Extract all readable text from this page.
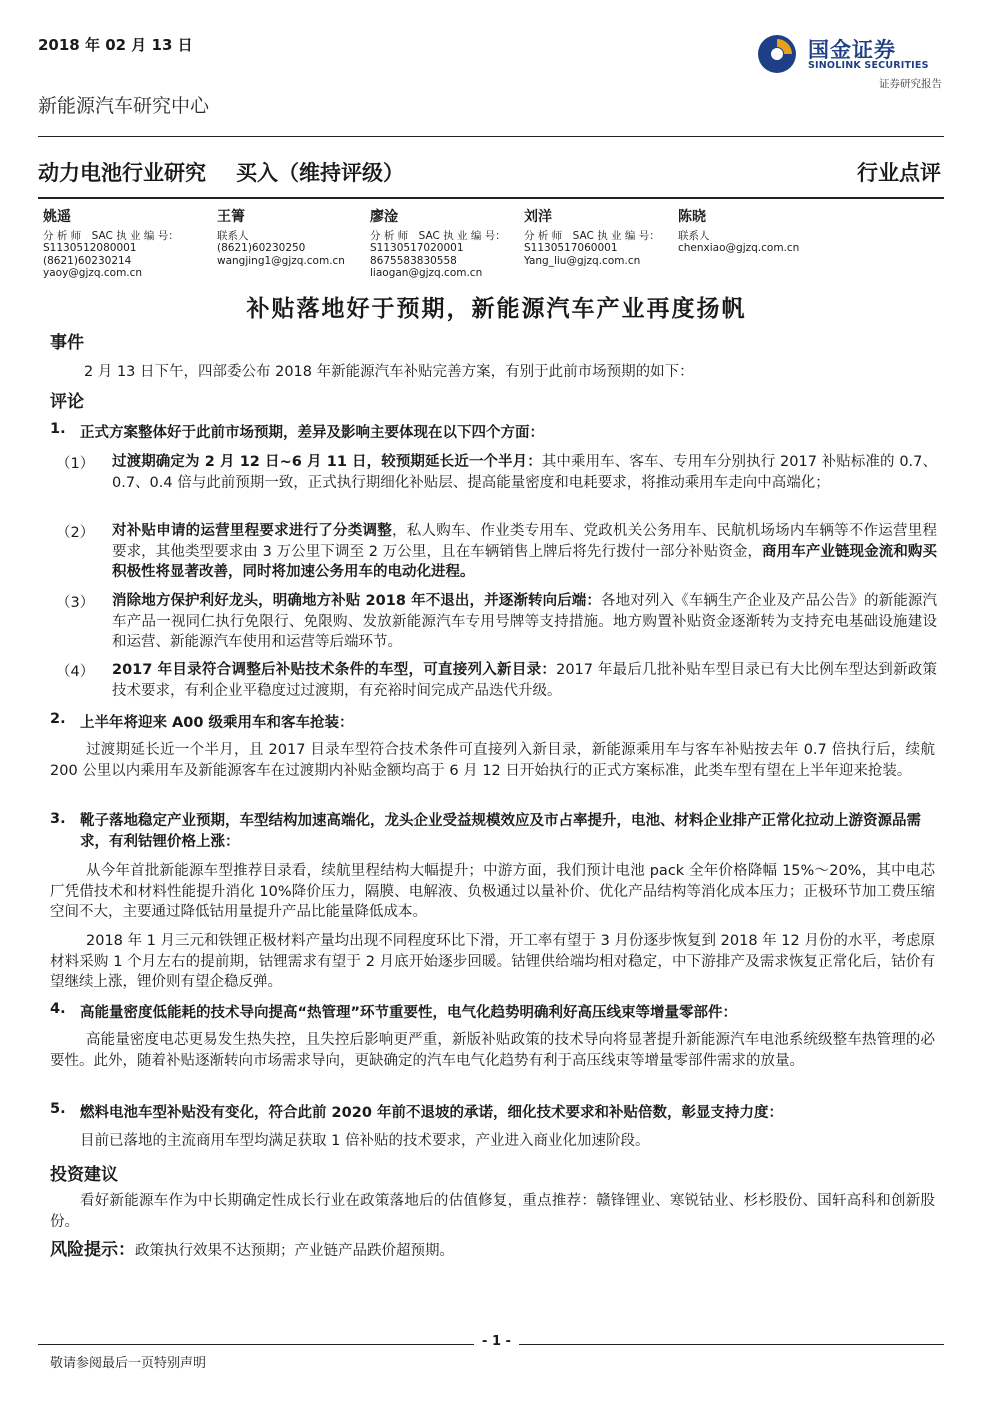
2018 年 02 月 13 日	国金证券
SINOLINK SECURITIES
证券研究报告
新能源汽车研究中心
动力电池行业研究 买入（维持评级）	行业点评
姚遥
分 析 师　SAC 执 业 编 号：
S1130512080001
(8621)60230214
yaoy@gjzq.com.cn
王箐
联系人
(8621)60230250
wangjing1@gjzq.com.cn
廖淦
分 析 师　SAC 执 业 编 号：
S1130517020001
8675583830558
liaogan@gjzq.com.cn
刘洋
分 析 师　SAC 执 业 编 号：
S1130517060001
Yang_liu@gjzq.com.cn
陈晓
联系人
chenxiao@gjzq.com.cn
补贴落地好于预期，新能源汽车产业再度扬帆
事件
2 月 13 日下午，四部委公布 2018 年新能源汽车补贴完善方案，有别于此前市场预期的如下：
评论
1. 正式方案整体好于此前市场预期，差异及影响主要体现在以下四个方面：
（1） 过渡期确定为 2 月 12 日~6 月 11 日，较预期延长近一个半月：其中乘用车、客车、专用车分别执行 2017 补贴标准的 0.7、0.7、0.4 倍与此前预期一致，正式执行期细化补贴层、提高能量密度和电耗要求，将推动乘用车走向中高端化；
（2） 对补贴申请的运营里程要求进行了分类调整，私人购车、作业类专用车、党政机关公务用车、民航机场场内车辆等不作运营里程要求，其他类型要求由 3 万公里下调至 2 万公里，且在车辆销售上牌后将先行拨付一部分补贴资金，商用车产业链现金流和购买积极性将显著改善，同时将加速公务用车的电动化进程。
（3） 消除地方保护利好龙头，明确地方补贴 2018 年不退出，并逐渐转向后端：各地对列入《车辆生产企业及产品公告》的新能源汽车产品一视同仁执行免限行、免限购、发放新能源汽车专用号牌等支持措施。地方购置补贴资金逐渐转为支持充电基础设施建设和运营、新能源汽车使用和运营等后端环节。
（4） 2017 年目录符合调整后补贴技术条件的车型，可直接列入新目录：2017 年最后几批补贴车型目录已有大比例车型达到新政策技术要求，有利企业平稳度过过渡期，有充裕时间完成产品迭代升级。
2. 上半年将迎来 A00 级乘用车和客车抢装：
过渡期延长近一个半月，且 2017 目录车型符合技术条件可直接列入新目录，新能源乘用车与客车补贴按去年 0.7 倍执行后，续航 200 公里以内乘用车及新能源客车在过渡期内补贴金额均高于 6 月 12 日开始执行的正式方案标准，此类车型有望在上半年迎来抢装。
3. 靴子落地稳定产业预期，车型结构加速高端化，龙头企业受益规模效应及市占率提升，电池、材料企业排产正常化拉动上游资源品需求，有利钴锂价格上涨：
从今年首批新能源车型推荐目录看，续航里程结构大幅提升；中游方面，我们预计电池 pack 全年价格降幅 15%～20%，其中电芯厂凭借技术和材料性能提升消化 10%降价压力，隔膜、电解液、负极通过以量补价、优化产品结构等消化成本压力；正极环节加工费压缩空间不大，主要通过降低钴用量提升产品比能量降低成本。
2018 年 1 月三元和铁锂正极材料产量均出现不同程度环比下滑，开工率有望于 3 月份逐步恢复到 2018 年 12 月份的水平，考虑原材料采购 1 个月左右的提前期，钴锂需求有望于 2 月底开始逐步回暖。钴锂供给端均相对稳定，中下游排产及需求恢复正常化后，钴价有望继续上涨，锂价则有望企稳反弹。
4. 高能量密度低能耗的技术导向提高“热管理”环节重要性，电气化趋势明确利好高压线束等增量零部件：
高能量密度电芯更易发生热失控，且失控后影响更严重，新版补贴政策的技术导向将显著提升新能源汽车电池系统级整车热管理的必要性。此外，随着补贴逐渐转向市场需求导向，更缺确定的汽车电气化趋势有利于高压线束等增量零部件需求的放量。
5. 燃料电池车型补贴没有变化，符合此前 2020 年前不退坡的承诺，细化技术要求和补贴倍数，彰显支持力度：
目前已落地的主流商用车型均满足获取 1 倍补贴的技术要求，产业进入商业化加速阶段。
投资建议
看好新能源车作为中长期确定性成长行业在政策落地后的估值修复，重点推荐：赣锋锂业、寒锐钴业、杉杉股份、国轩高科和创新股份。
风险提示：政策执行效果不达预期；产业链产品跌价超预期。
- 1 -
敬请参阅最后一页特别声明
